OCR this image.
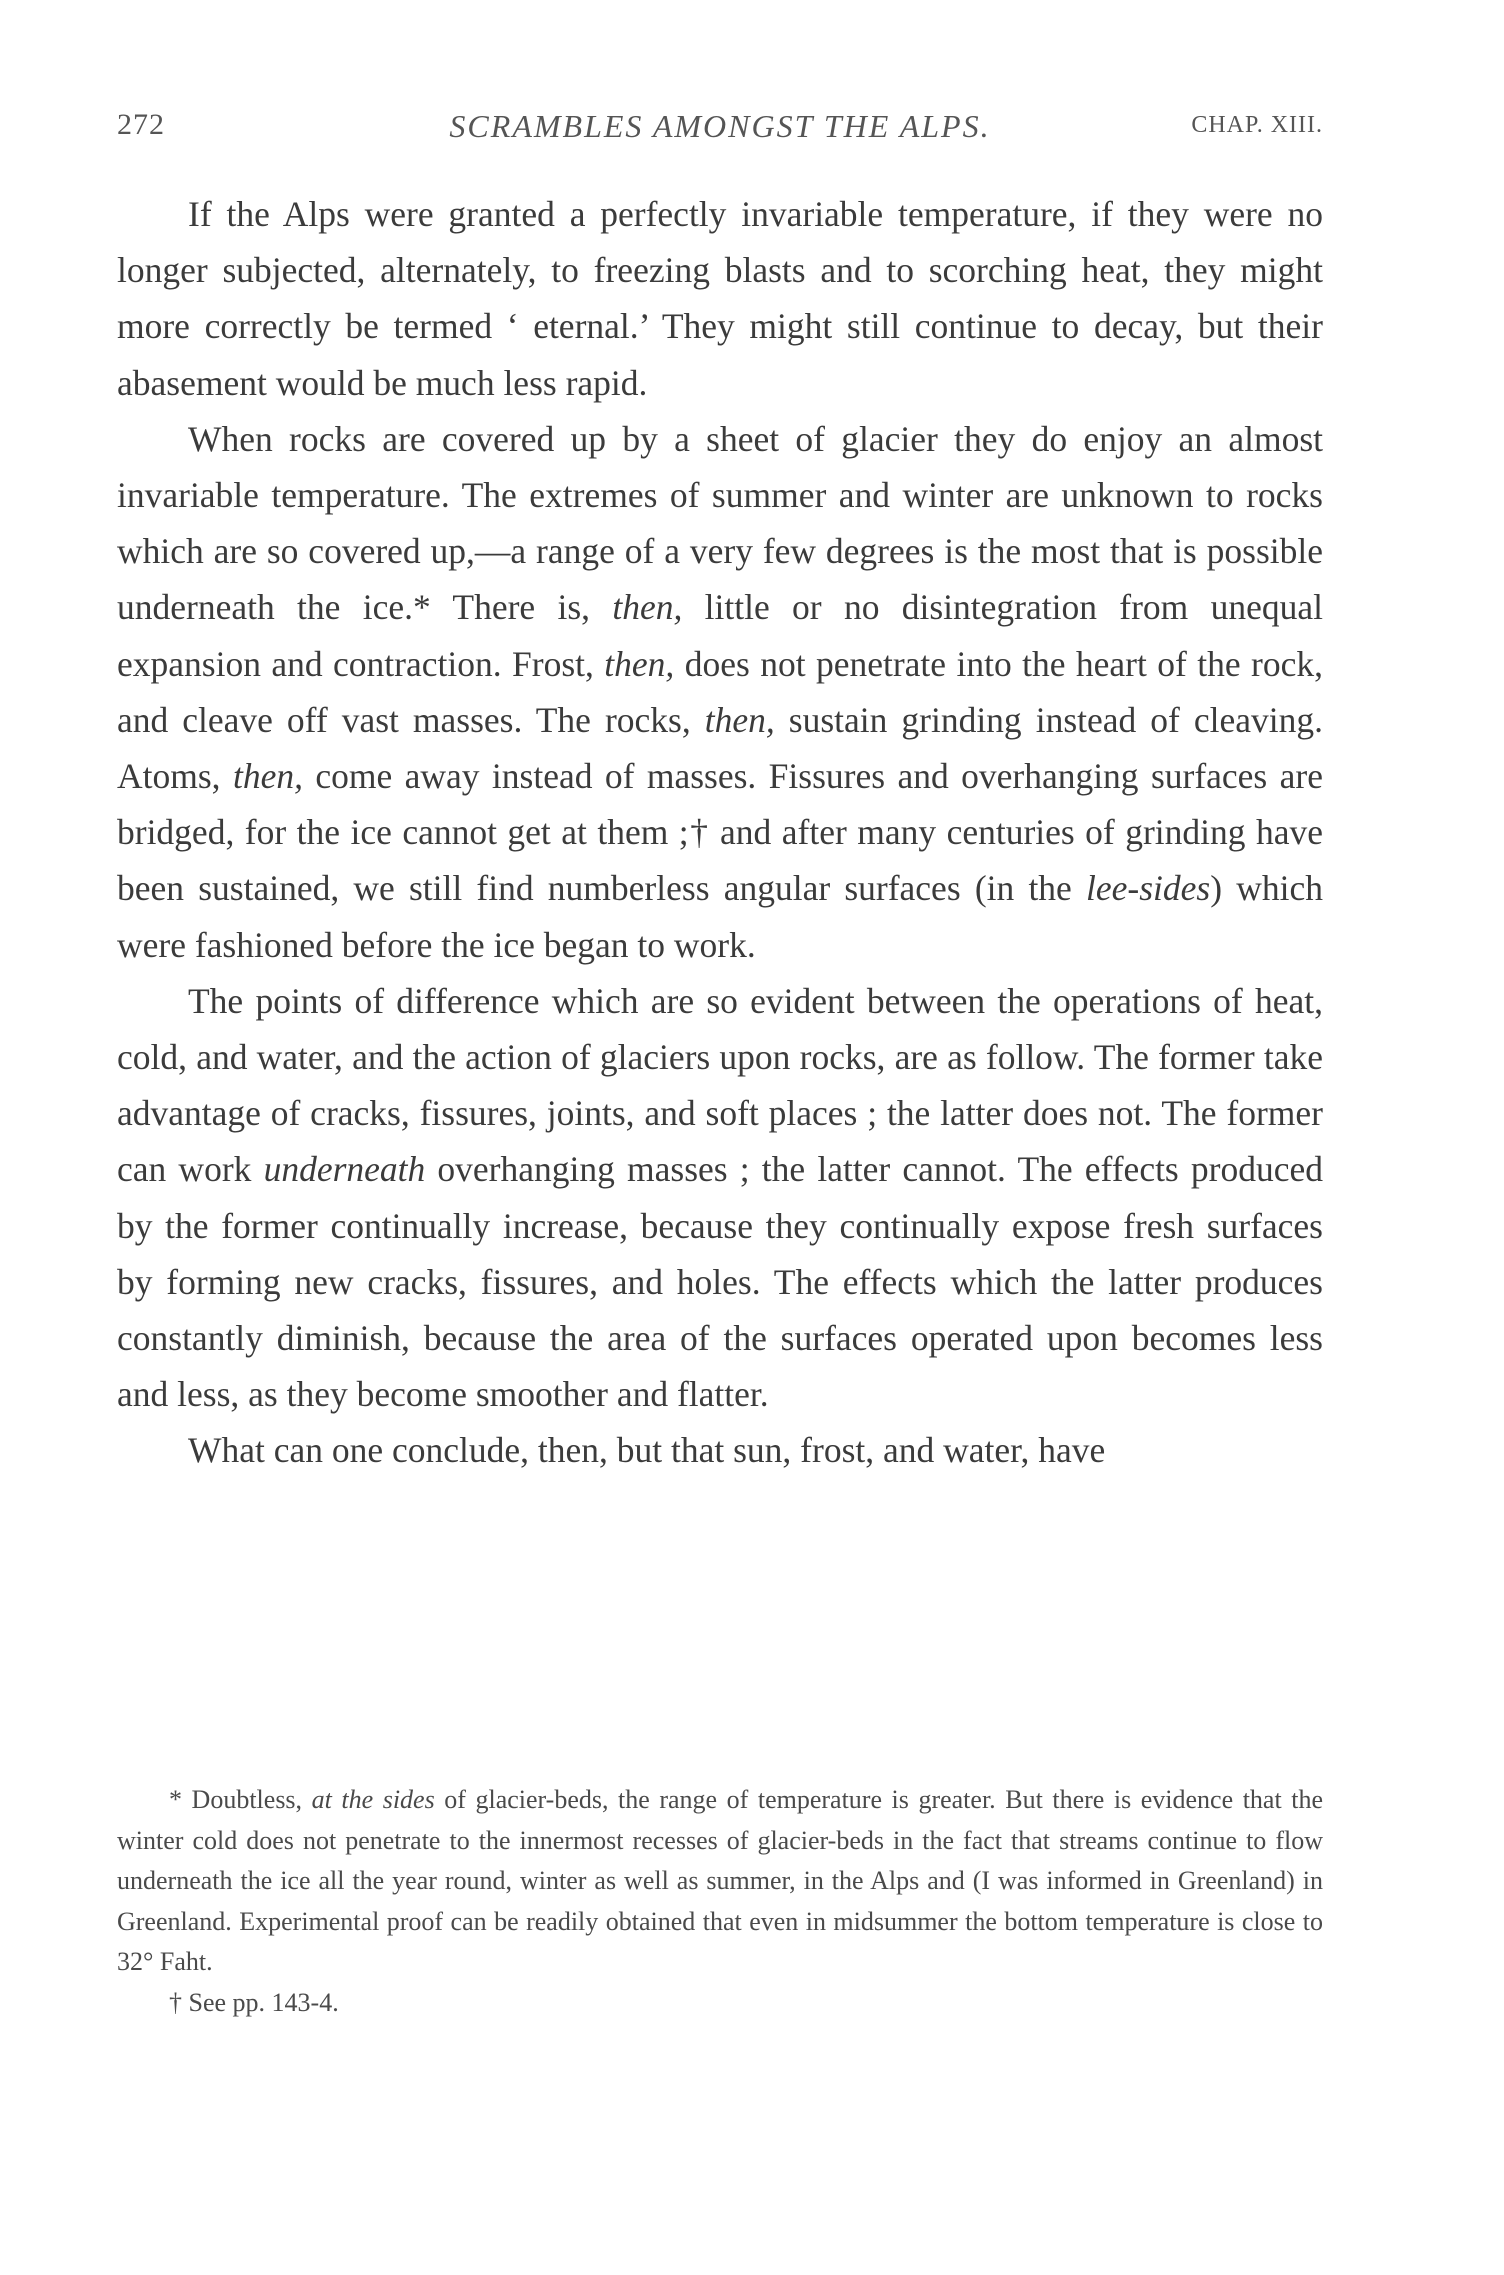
272	SCRAMBLES AMONGST THE ALPS.	CHAP. XIII.

If the Alps were granted a perfectly invariable temperature, if they were no longer subjected, alternately, to freezing blasts and to scorching heat, they might more correctly be termed ‘ eternal.’ They might still continue to decay, but their abasement would be much less rapid.

When rocks are covered up by a sheet of glacier they do enjoy an almost invariable temperature. The extremes of summer and winter are unknown to rocks which are so covered up,—a range of a very few degrees is the most that is possible underneath the ice.* There is, then, little or no disintegration from unequal expansion and contraction. Frost, then, does not penetrate into the heart of the rock, and cleave off vast masses. The rocks, then, sustain grinding instead of cleaving. Atoms, then, come away instead of masses. Fissures and overhanging surfaces are bridged, for the ice cannot get at them ;† and after many centuries of grinding have been sustained, we still find numberless angular surfaces (in the lee-sides) which were fashioned before the ice began to work.

The points of difference which are so evident between the operations of heat, cold, and water, and the action of glaciers upon rocks, are as follow. The former take advantage of cracks, fissures, joints, and soft places ; the latter does not. The former can work underneath overhanging masses ; the latter cannot. The effects produced by the former continually increase, because they continually expose fresh surfaces by forming new cracks, fissures, and holes. The effects which the latter produces constantly diminish, because the area of the surfaces operated upon becomes less and less, as they become smoother and flatter.

What can one conclude, then, but that sun, frost, and water, have

* Doubtless, at the sides of glacier-beds, the range of temperature is greater. But there is evidence that the winter cold does not penetrate to the innermost recesses of glacier-beds in the fact that streams continue to flow underneath the ice all the year round, winter as well as summer, in the Alps and (I was informed in Greenland) in Greenland. Experimental proof can be readily obtained that even in midsummer the bottom temperature is close to 32° Faht.

† See pp. 143-4.
